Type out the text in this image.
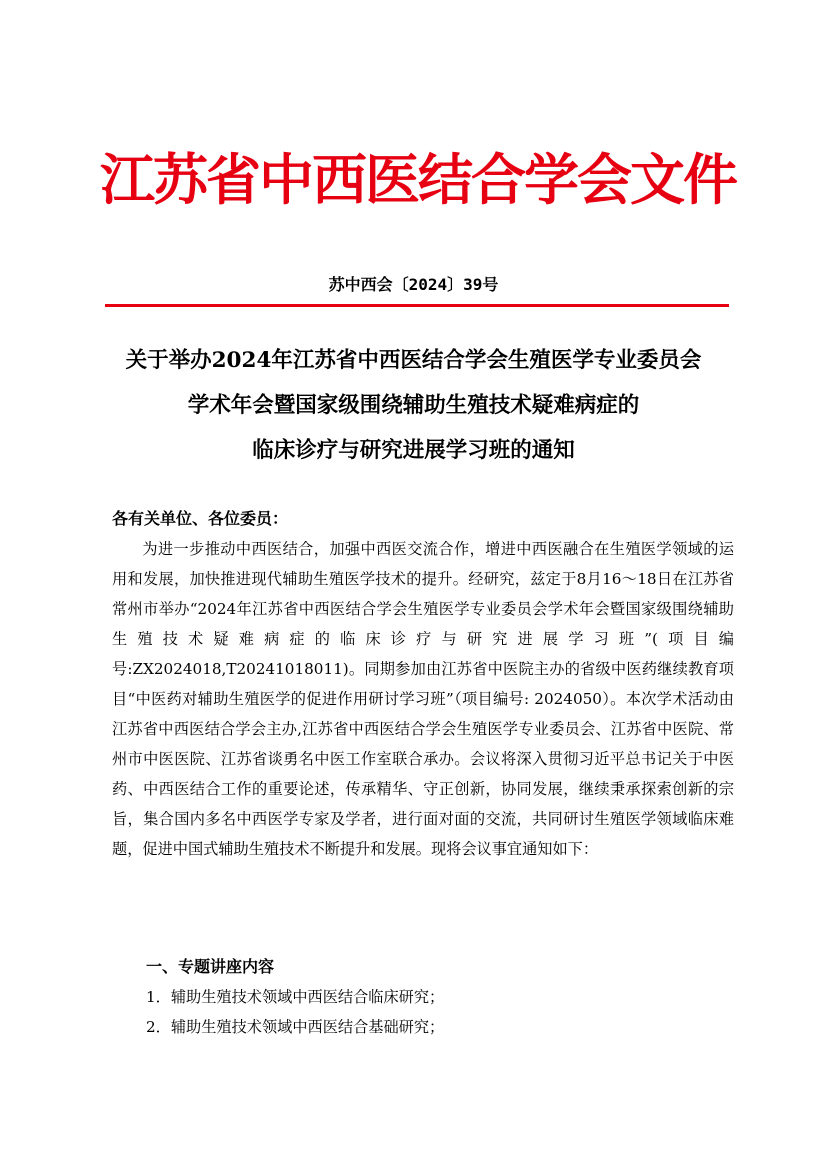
江苏省中西医结合学会文件
苏中西会〔2024〕39号
关于举办2024年江苏省中西医结合学会生殖医学专业委员会
学术年会暨国家级围绕辅助生殖技术疑难病症的
临床诊疗与研究进展学习班的通知
各有关单位、各位委员：

为进一步推动中西医结合，加强中西医交流合作，增进中西医融合在生殖医学领域的运用和发展，加快推进现代辅助生殖医学技术的提升。经研究，兹定于8月16～18日在江苏省常州市举办“2024年江苏省中西医结合学会生殖医学专业委员会学术年会暨国家级围绕辅助生殖技术疑难病症的临床诊疗与研究进展学习班”(项目编号:ZX2024018,T20241018011)。同期参加由江苏省中医院主办的省级中医药继续教育项目“中医药对辅助生殖医学的促进作用研讨学习班”（项目编号: 2024050）。本次学术活动由江苏省中西医结合学会主办,江苏省中西医结合学会生殖医学专业委员会、江苏省中医院、常州市中医医院、江苏省谈勇名中医工作室联合承办。会议将深入贯彻习近平总书记关于中医药、中西医结合工作的重要论述，传承精华、守正创新，协同发展，继续秉承探索创新的宗旨，集合国内多名中西医学专家及学者，进行面对面的交流，共同研讨生殖医学领域临床难题，促进中国式辅助生殖技术不断提升和发展。现将会议事宜通知如下：

一、专题讲座内容
1．辅助生殖技术领域中西医结合临床研究；
2．辅助生殖技术领域中西医结合基础研究；
